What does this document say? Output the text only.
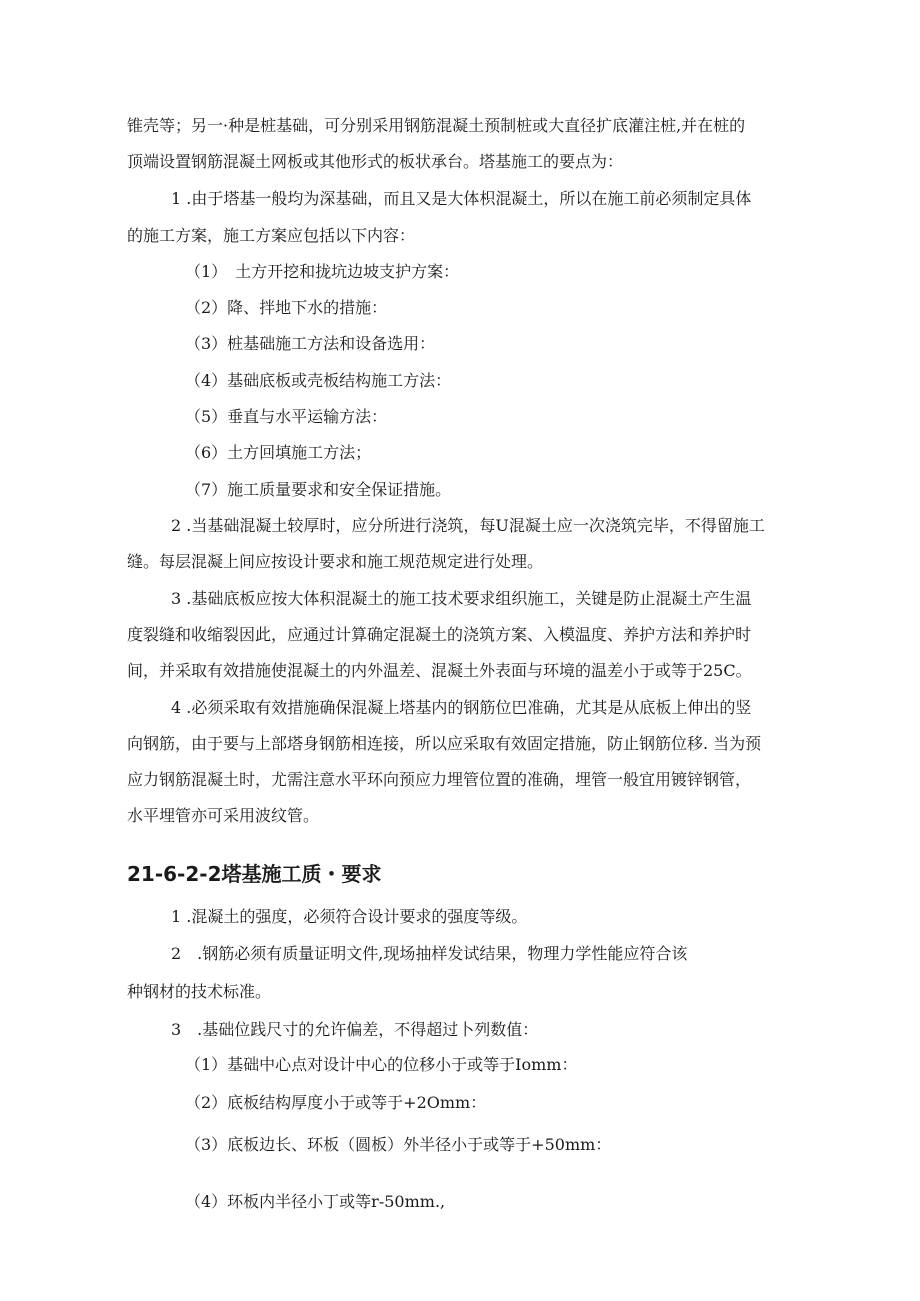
锥壳等；另一·种是桩基础，可分别采用钢筋混凝土预制桩或大直径扩底灌注桩,并在桩的
顶端设置钢筋混凝土网板或其他形式的板状承台。塔基施工的要点为：
1 .由于塔基一般均为深基础，而且又是大体枳混凝土，所以在施工前必须制定具体
的施工方案，施工方案应包括以下内容：
（1）　土方开挖和拢坑边坡支护方案：
（2）降、拌地下水的措施：
（3）桩基础施工方法和设备选用：
（4）基础底板或壳板结构施工方法：
（5）垂直与水平运输方法：
（6）土方回填施工方法；
（7）施工质量要求和安全保证措施。
2 .当基础混凝土较厚时，应分所进行浇筑，每U混凝土应一次浇筑完毕，不得留施工
缝。每层混凝上间应按设计要求和施工规范规定进行处理。
3 .基础底板应按大体积混凝土的施工技术要求组织施工，关键是防止混凝土产生温
度裂缝和收缩裂因此，应通过计算确定混凝土的浇筑方案、入模温度、养护方法和养护时
间，并采取有效措施使混凝土的内外温差、混凝土外表面与环境的温差小于或等于25C。
4 .必须采取有效措施确保混凝上塔基内的钢筋位巴准确，尤其是从底板上伸出的竖
向钢筋，由于要与上部塔身钢筋相连接，所以应采取有效固定措施，防止钢筋位移. 当为预
应力钢筋混凝土时，尤需注意水平环向预应力埋管位置的准确，埋管一般宜用镀锌钢管，
水平埋管亦可采用波纹管。
21-6-2-2塔基施工质・要求
1 .混凝土的强度，必须符合设计要求的强度等级。
2　.钢筋必须有质量证明文件,现场抽样发试结果，物理力学性能应符合该
种钢材的技术标准。
3　.基础位践尺寸的允许偏差，不得超过卜列数值：
（1）基础中心点对设计中心的位移小于或等于Iomm：
（2）底板结构厚度小于或等于+2Omm：
（3）底板边长、环板（圆板）外半径小于或等于+50mm：
（4）环板内半径小丁或等r-50mm.,
